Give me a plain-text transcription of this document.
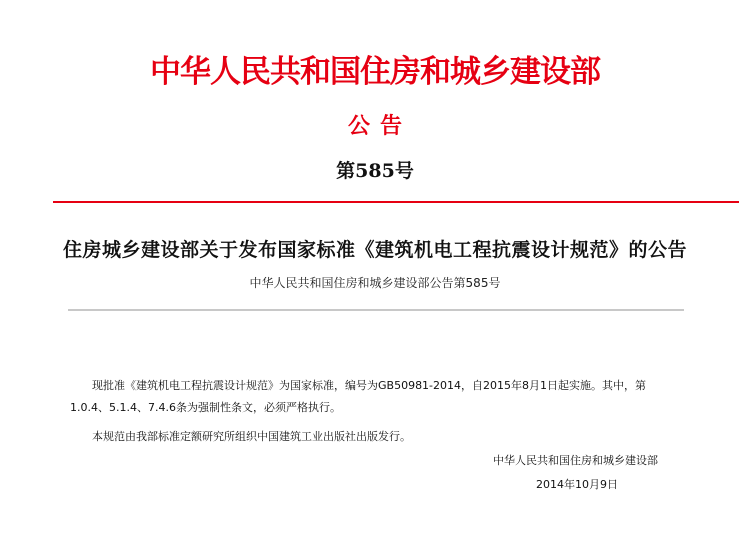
中华人民共和国住房和城乡建设部
公告
第585号
住房城乡建设部关于发布国家标准《建筑机电工程抗震设计规范》的公告
中华人民共和国住房和城乡建设部公告第585号

现批准《建筑机电工程抗震设计规范》为国家标准，编号为GB50981-2014，自2015年8月1日起实施。其中，第1.0.4、5.1.4、7.4.6条为强制性条文，必须严格执行。

本规范由我部标准定额研究所组织中国建筑工业出版社出版发行。

中华人民共和国住房和城乡建设部
2014年10月9日
